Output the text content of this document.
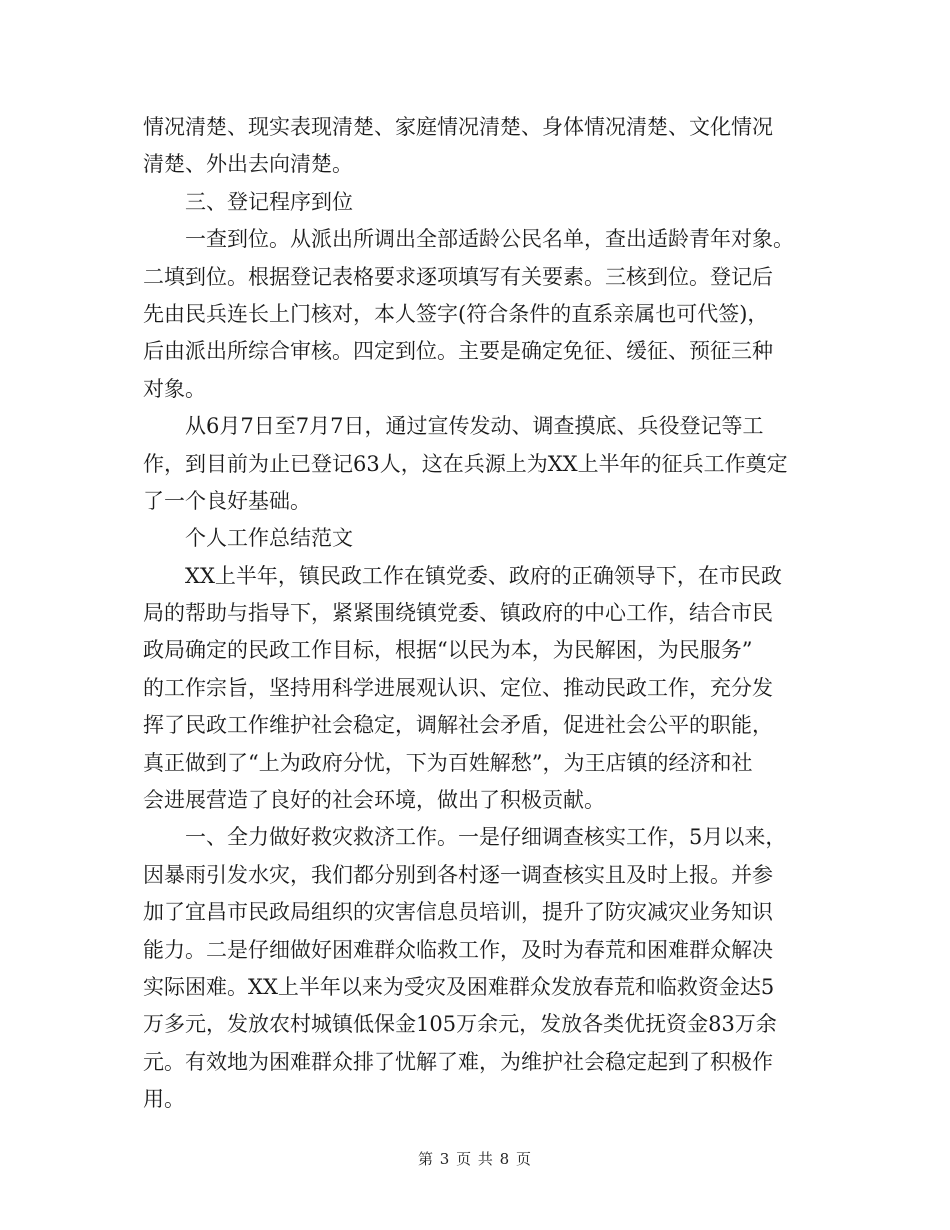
情况清楚、现实表现清楚、家庭情况清楚、身体情况清楚、文化情况
清楚、外出去向清楚。
　　三、登记程序到位
　　一查到位。从派出所调出全部适龄公民名单，查出适龄青年对象。
二填到位。根据登记表格要求逐项填写有关要素。三核到位。登记后
先由民兵连长上门核对，本人签字(符合条件的直系亲属也可代签)，
后由派出所综合审核。四定到位。主要是确定免征、缓征、预征三种
对象。
　　从6月7日至7月7日，通过宣传发动、调查摸底、兵役登记等工
作，到目前为止已登记63人，这在兵源上为XX上半年的征兵工作奠定
了一个良好基础。
　　个人工作总结范文
　　XX上半年，镇民政工作在镇党委、政府的正确领导下，在市民政
局的帮助与指导下，紧紧围绕镇党委、镇政府的中心工作，结合市民
政局确定的民政工作目标，根据“以民为本，为民解困，为民服务”
的工作宗旨，坚持用科学进展观认识、定位、推动民政工作，充分发
挥了民政工作维护社会稳定，调解社会矛盾，促进社会公平的职能，
真正做到了“上为政府分忧，下为百姓解愁”，为王店镇的经济和社
会进展营造了良好的社会环境，做出了积极贡献。
　　一、全力做好救灾救济工作。一是仔细调查核实工作，5月以来，
因暴雨引发水灾，我们都分别到各村逐一调查核实且及时上报。并参
加了宜昌市民政局组织的灾害信息员培训，提升了防灾减灾业务知识
能力。二是仔细做好困难群众临救工作，及时为春荒和困难群众解决
实际困难。XX上半年以来为受灾及困难群众发放春荒和临救资金达5
万多元，发放农村城镇低保金105万余元，发放各类优抚资金83万余
元。有效地为困难群众排了忧解了难，为维护社会稳定起到了积极作
用。
第 3 页 共 8 页
